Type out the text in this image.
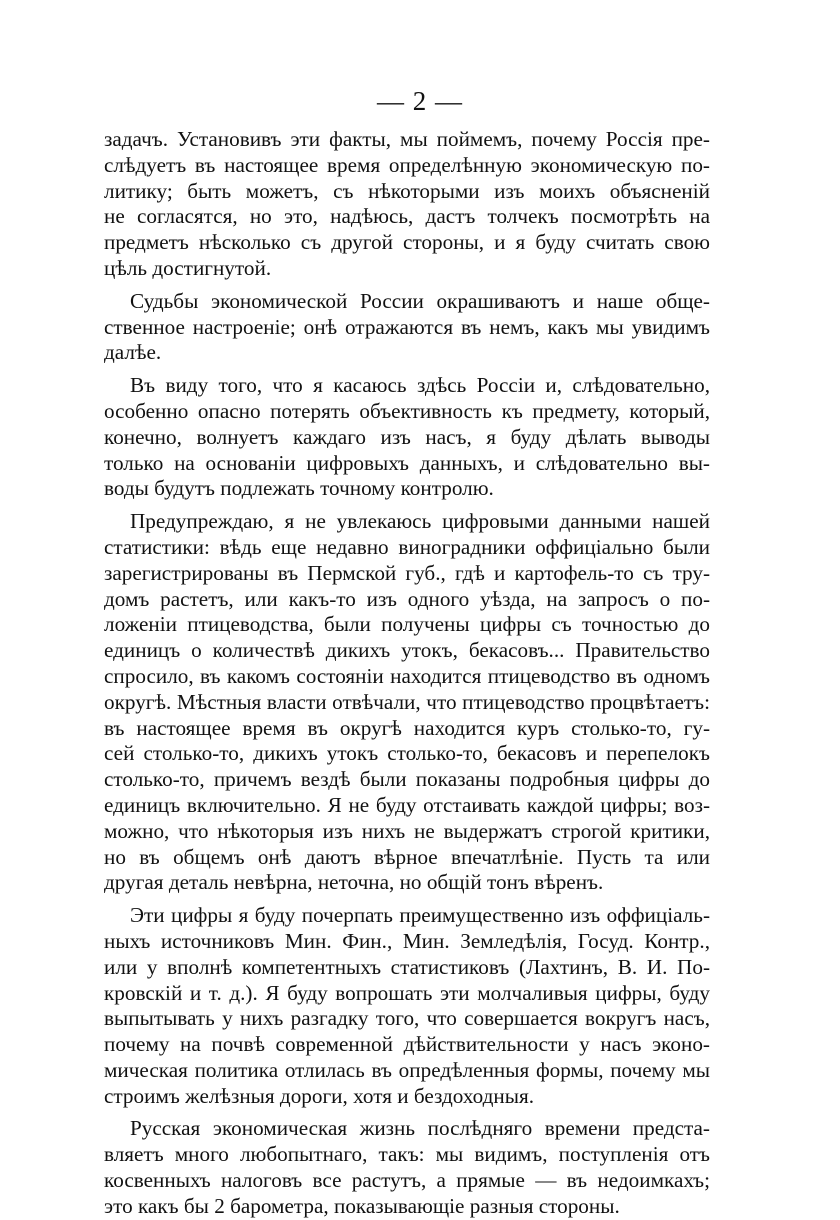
— 2 —
задачъ. Установивъ эти факты, мы поймемъ, почему Россія пре-
слѣдуетъ въ настоящее время определѣнную экономическую по-
литику; быть можетъ, съ нѣкоторыми изъ моихъ объясненій
не согласятся, но это, надѣюсь, дастъ толчекъ посмотрѣть на
предметъ нѣсколько съ другой стороны, и я буду считать свою
цѣль достигнутой.
Судьбы экономической России окрашиваютъ и наше обще-
ственное настроеніе; онѣ отражаются въ немъ, какъ мы увидимъ
далѣе.
Въ виду того, что я касаюсь здѣсь Россіи и, слѣдовательно,
особенно опасно потерять объективность къ предмету, который,
конечно, волнуетъ каждаго изъ насъ, я буду дѣлать выводы
только на основаніи цифровыхъ данныхъ, и слѣдовательно вы-
воды будутъ подлежать точному контролю.
Предупреждаю, я не увлекаюсь цифровыми данными нашей
статистики: вѣдь еще недавно виноградники оффиціально были
зарегистрированы въ Пермской губ., гдѣ и картофель-то съ тру-
домъ растетъ, или какъ-то изъ одного уѣзда, на запросъ о по-
ложеніи птицеводства, были получены цифры съ точностью до
единицъ о количествѣ дикихъ утокъ, бекасовъ... Правительство
спросило, въ какомъ состояніи находится птицеводство въ одномъ
округѣ. Мѣстныя власти отвѣчали, что птицеводство процвѣтаетъ:
въ настоящее время въ округѣ находится куръ столько-то, гу-
сей столько-то, дикихъ утокъ столько-то, бекасовъ и перепелокъ
столько-то, причемъ вездѣ были показаны подробныя цифры до
единицъ включительно. Я не буду отстаивать каждой цифры; воз-
можно, что нѣкоторыя изъ нихъ не выдержатъ строгой критики,
но въ общемъ онѣ даютъ вѣрное впечатлѣніе. Пусть та или
другая деталь невѣрна, неточна, но общій тонъ вѣренъ.
Эти цифры я буду почерпать преимущественно изъ оффиціаль-
ныхъ источниковъ Мин. Фин., Мин. Земледѣлія, Госуд. Контр.,
или у вполнѣ компетентныхъ статистиковъ (Лахтинъ, В. И. По-
кровскій и т. д.). Я буду вопрошать эти молчаливыя цифры, буду
выпытывать у нихъ разгадку того, что совершается вокругъ насъ,
почему на почвѣ современной дѣйствительности у насъ эконо-
мическая политика отлилась въ опредѣленныя формы, почему мы
строимъ желѣзныя дороги, хотя и бездоходныя.
Русская экономическая жизнь послѣдняго времени предста-
вляетъ много любопытнаго, такъ: мы видимъ, поступленія отъ
косвенныхъ налоговъ все растутъ, а прямые — въ недоимкахъ;
это какъ бы 2 барометра, показывающіе разныя стороны.
